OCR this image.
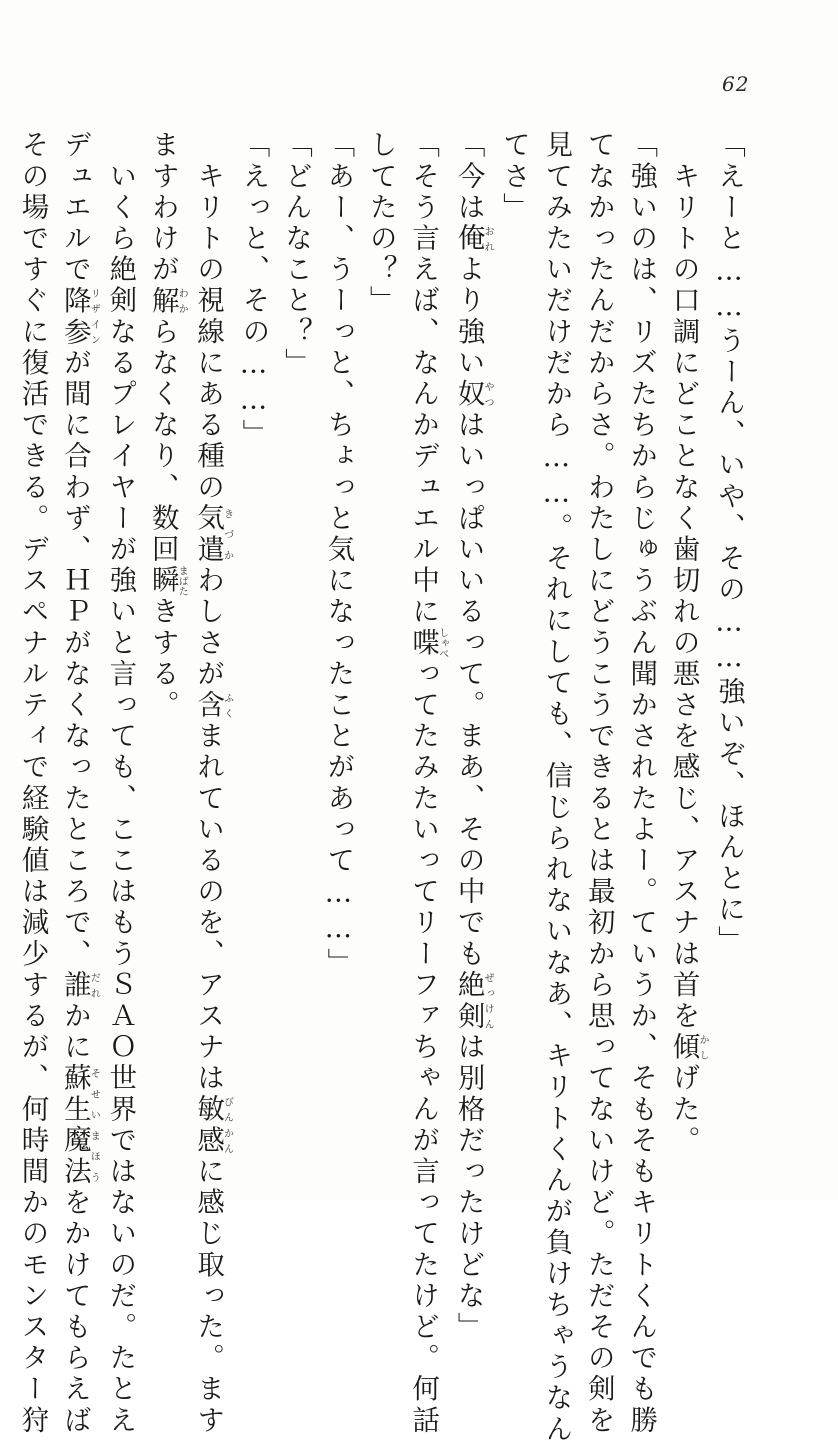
62
「えーと……うーん、いや、その……強いぞ、ほんとに」
　キリトの口調にどことなく歯切れの悪さを感じ、アスナは首を傾かしげた。
「強いのは、リズたちからじゅうぶん聞かされたよー。ていうか、そもそもキリトくんでも勝
てなかったんだからさ。わたしにどうこうできるとは最初から思ってないけど。ただその剣を
見てみたいだけだから……。それにしても、信じられないなあ、キリトくんが負けちゃうなん
てさ」
「今は俺おれより強い奴やつはいっぱいいるって。まあ、その中でも絶剣ぜっけんは別格だったけどな」
「そう言えば、なんかデュエル中に喋しゃべってたみたいってリーファちゃんが言ってたけど。何話
してたの？」
「あー、うーっと、ちょっと気になったことがあって……」
「どんなこと？」
「えっと、その……」
　キリトの視線にある種の気遣きづかわしさが含ふくまれているのを、アスナは敏感びんかんに感じ取った。ます
ますわけが解わからなくなり、数回瞬まばたきする。
　いくら絶剣なるプレイヤーが強いと言っても、ここはもうＳＡＯ世界ではないのだ。たとえ
デュエルで降参リザインが間に合わず、ＨＰがなくなったところで、誰だれかに蘇生そせい魔法まほうをかけてもらえば
その場ですぐに復活できる。デスペナルティで経験値は減少するが、何時間かのモンスター狩
